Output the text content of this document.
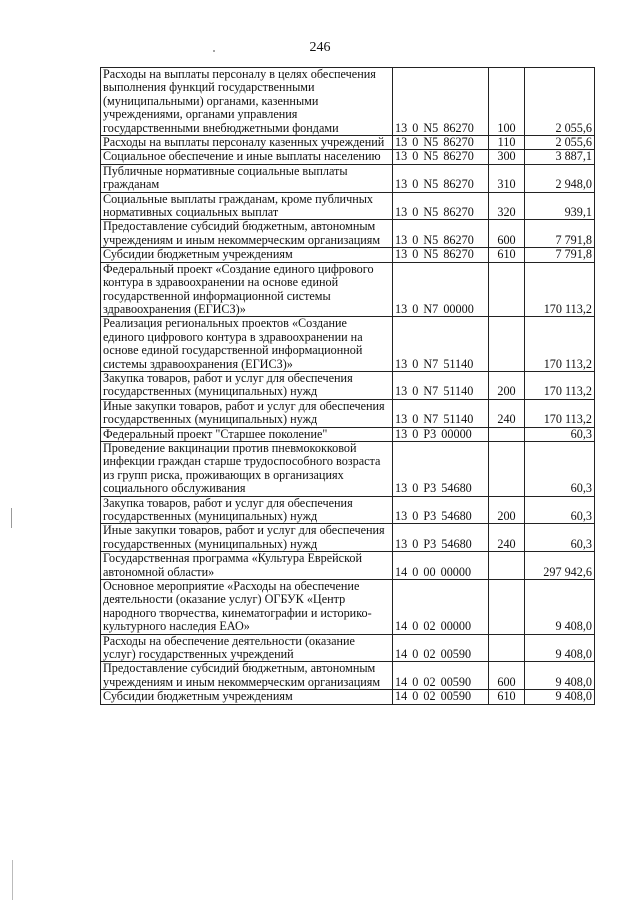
246
Расходы на выплаты персоналу в целях обеспечения выполнения функций государственными (муниципальными) органами, казенными учреждениями, органами управления государственными внебюджетными фондами	13 0 N5 86270	100	2 055,6
Расходы на выплаты персоналу казенных учреждений	13 0 N5 86270	110	2 055,6
Социальное обеспечение и иные выплаты населению	13 0 N5 86270	300	3 887,1
Публичные нормативные социальные выплаты гражданам	13 0 N5 86270	310	2 948,0
Социальные выплаты гражданам, кроме публичных нормативных социальных выплат	13 0 N5 86270	320	939,1
Предоставление субсидий бюджетным, автономным учреждениям и иным некоммерческим организациям	13 0 N5 86270	600	7 791,8
Субсидии бюджетным учреждениям	13 0 N5 86270	610	7 791,8
Федеральный проект «Создание единого цифрового контура в здравоохранении на основе единой государственной информационной системы здравоохранения (ЕГИСЗ)»	13 0 N7 00000		170 113,2
Реализация региональных проектов «Создание единого цифрового контура в здравоохранении на основе единой государственной информационной системы здравоохранения (ЕГИСЗ)»	13 0 N7 51140		170 113,2
Закупка товаров, работ и услуг для обеспечения государственных (муниципальных) нужд	13 0 N7 51140	200	170 113,2
Иные закупки товаров, работ и услуг для обеспечения государственных (муниципальных) нужд	13 0 N7 51140	240	170 113,2
Федеральный проект "Старшее поколение"	13 0 P3 00000		60,3
Проведение вакцинации против пневмококковой инфекции граждан старше трудоспособного возраста из групп риска, проживающих в организациях социального обслуживания	13 0 P3 54680		60,3
Закупка товаров, работ и услуг для обеспечения государственных (муниципальных) нужд	13 0 P3 54680	200	60,3
Иные закупки товаров, работ и услуг для обеспечения государственных (муниципальных) нужд	13 0 P3 54680	240	60,3
Государственная программа «Культура Еврейской автономной области»	14 0 00 00000		297 942,6
Основное мероприятие «Расходы на обеспечение деятельности (оказание услуг) ОГБУК «Центр народного творчества, кинематографии и историко-культурного наследия ЕАО»	14 0 02 00000		9 408,0
Расходы на обеспечение деятельности (оказание услуг) государственных учреждений	14 0 02 00590		9 408,0
Предоставление субсидий бюджетным, автономным учреждениям и иным некоммерческим организациям	14 0 02 00590	600	9 408,0
Субсидии бюджетным учреждениям	14 0 02 00590	610	9 408,0
